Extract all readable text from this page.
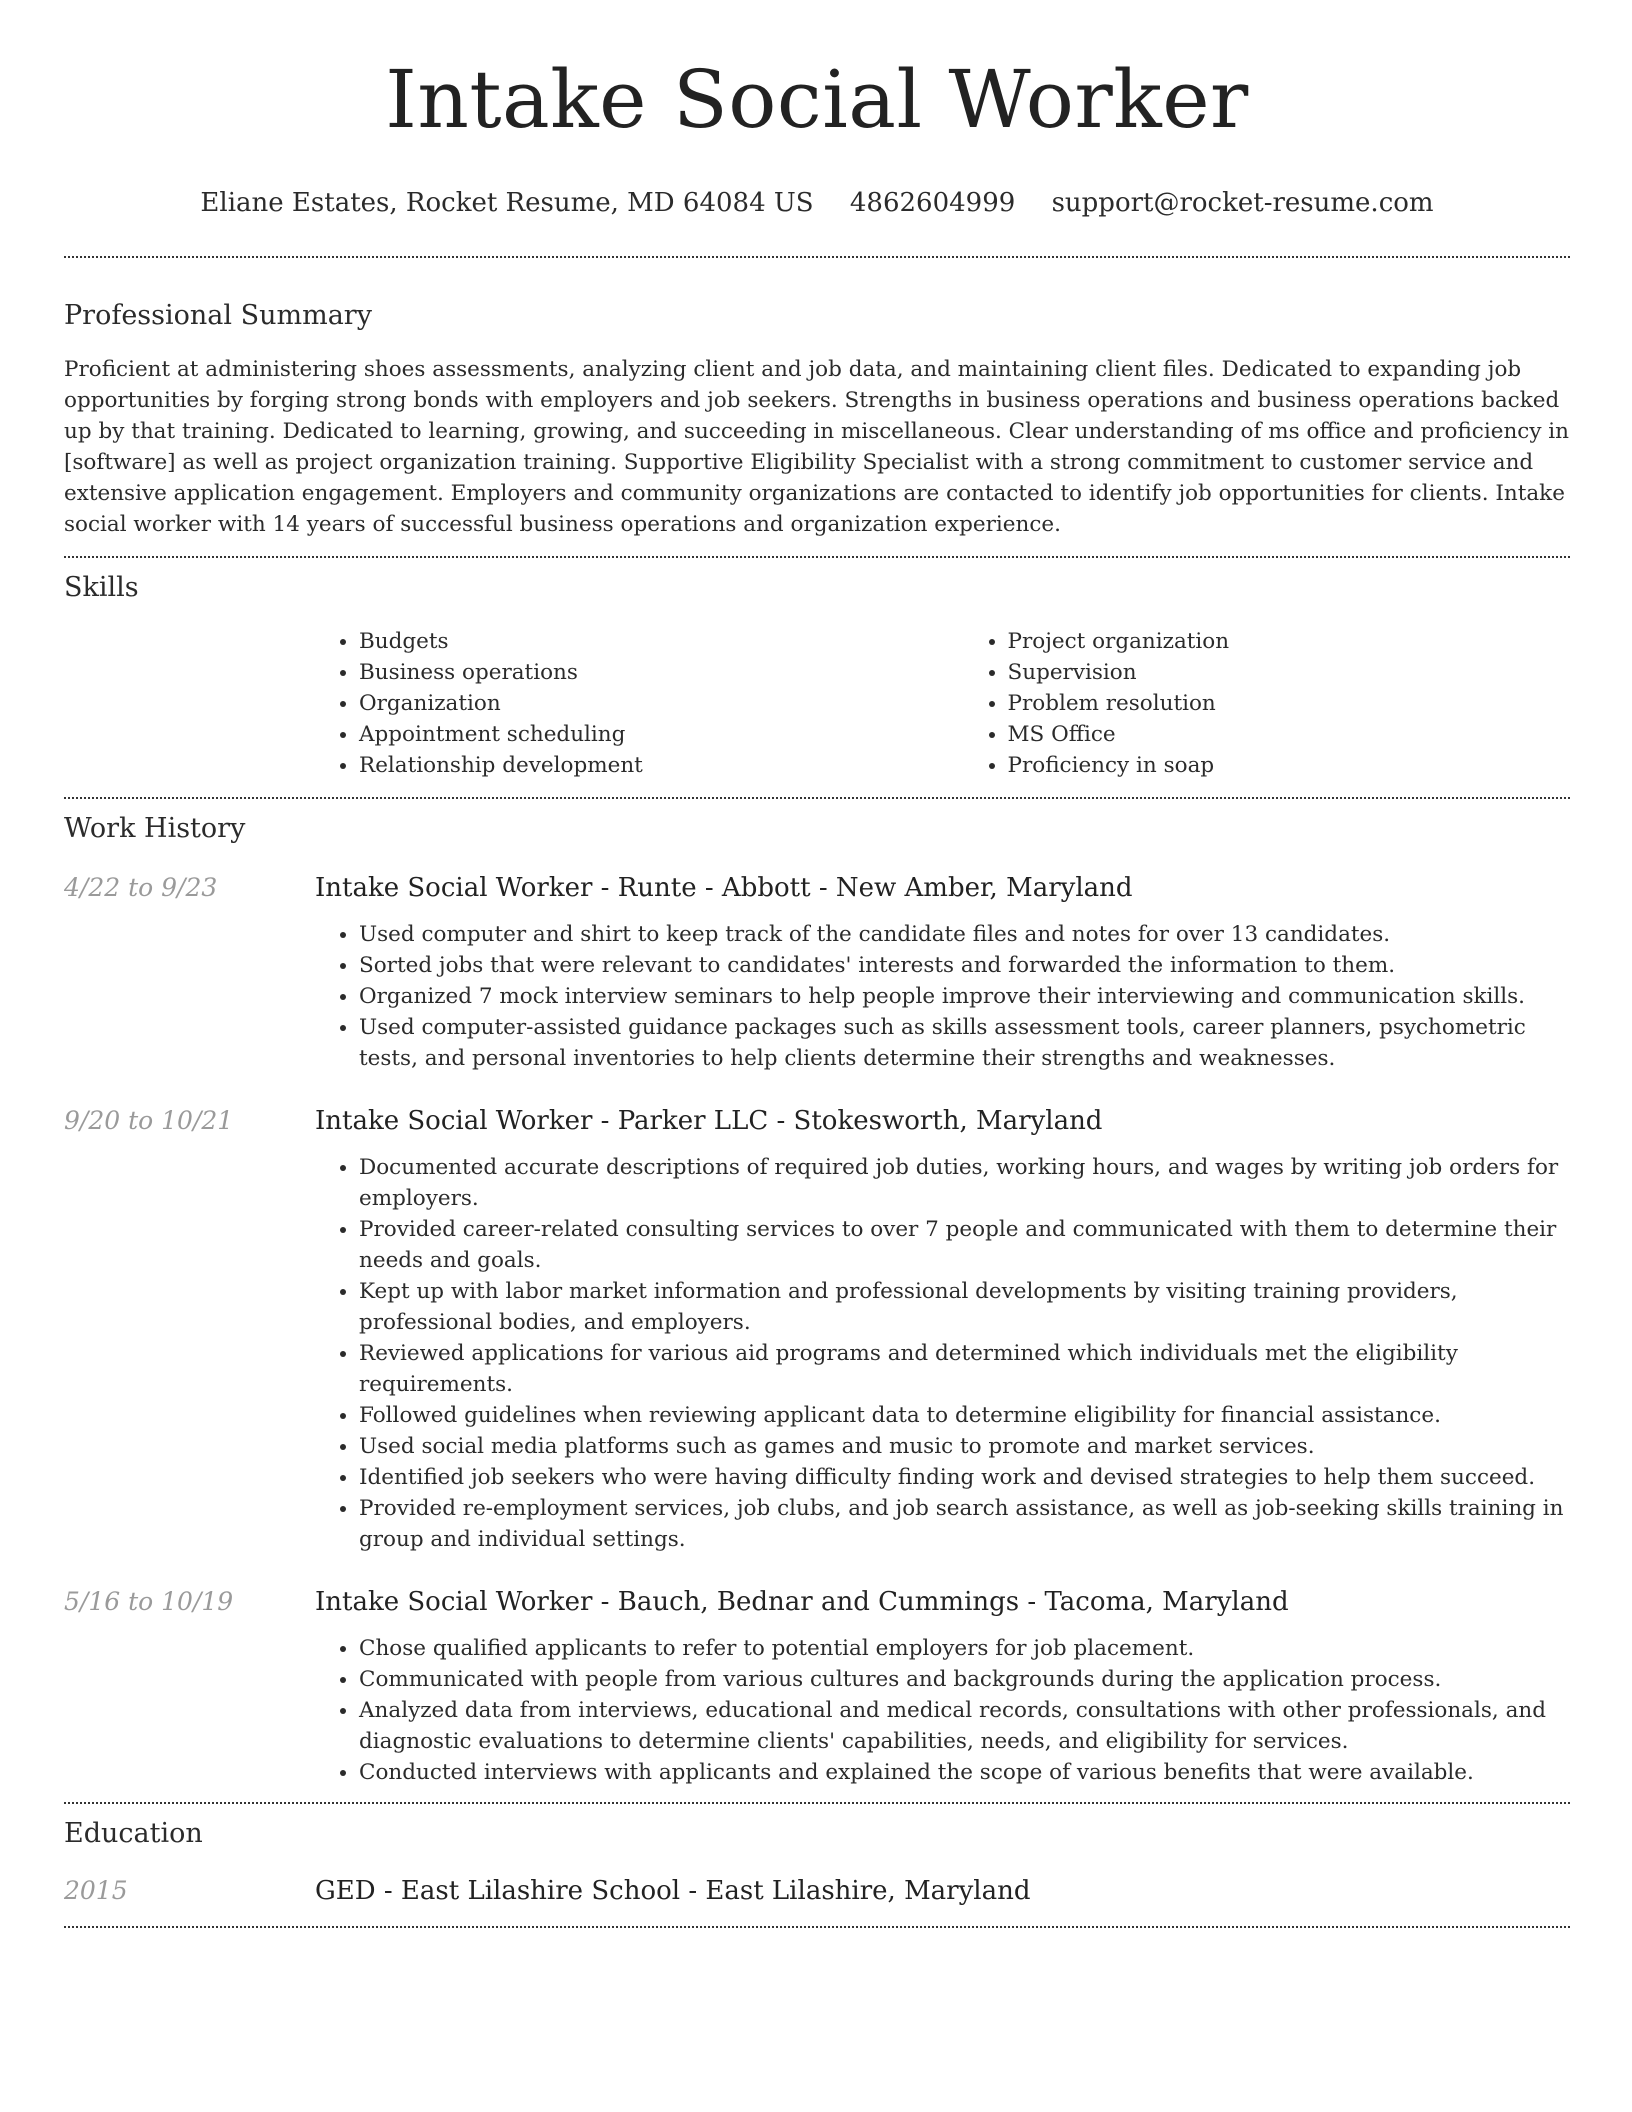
Intake Social Worker
Eliane Estates, Rocket Resume, MD 64084 US 4862604999 support@rocket-resume.com
Professional Summary

Proficient at administering shoes assessments, analyzing client and job data, and maintaining client files. Dedicated to expanding job opportunities by forging strong bonds with employers and job seekers. Strengths in business operations and business operations backed up by that training. Dedicated to learning, growing, and succeeding in miscellaneous. Clear understanding of ms office and proficiency in [software] as well as project organization training. Supportive Eligibility Specialist with a strong commitment to customer service and extensive application engagement. Employers and community organizations are contacted to identify job opportunities for clients. Intake social worker with 14 years of successful business operations and organization experience.

Skills
• Budgets
• Business operations
• Organization
• Appointment scheduling
• Relationship development
• Project organization
• Supervision
• Problem resolution
• MS Office
• Proficiency in soap
Work History
4/22 to 9/23	Intake Social Worker - Runte - Abbott - New Amber, Maryland
• Used computer and shirt to keep track of the candidate files and notes for over 13 candidates.
• Sorted jobs that were relevant to candidates' interests and forwarded the information to them.
• Organized 7 mock interview seminars to help people improve their interviewing and communication skills.
• Used computer-assisted guidance packages such as skills assessment tools, career planners, psychometric tests, and personal inventories to help clients determine their strengths and weaknesses.
9/20 to 10/21	Intake Social Worker - Parker LLC - Stokesworth, Maryland
• Documented accurate descriptions of required job duties, working hours, and wages by writing job orders for employers.
• Provided career-related consulting services to over 7 people and communicated with them to determine their needs and goals.
• Kept up with labor market information and professional developments by visiting training providers, professional bodies, and employers.
• Reviewed applications for various aid programs and determined which individuals met the eligibility requirements.
• Followed guidelines when reviewing applicant data to determine eligibility for financial assistance.
• Used social media platforms such as games and music to promote and market services.
• Identified job seekers who were having difficulty finding work and devised strategies to help them succeed.
• Provided re-employment services, job clubs, and job search assistance, as well as job-seeking skills training in group and individual settings.
5/16 to 10/19	Intake Social Worker - Bauch, Bednar and Cummings - Tacoma, Maryland
• Chose qualified applicants to refer to potential employers for job placement.
• Communicated with people from various cultures and backgrounds during the application process.
• Analyzed data from interviews, educational and medical records, consultations with other professionals, and diagnostic evaluations to determine clients' capabilities, needs, and eligibility for services.
• Conducted interviews with applicants and explained the scope of various benefits that were available.
Education
2015	GED - East Lilashire School - East Lilashire, Maryland
